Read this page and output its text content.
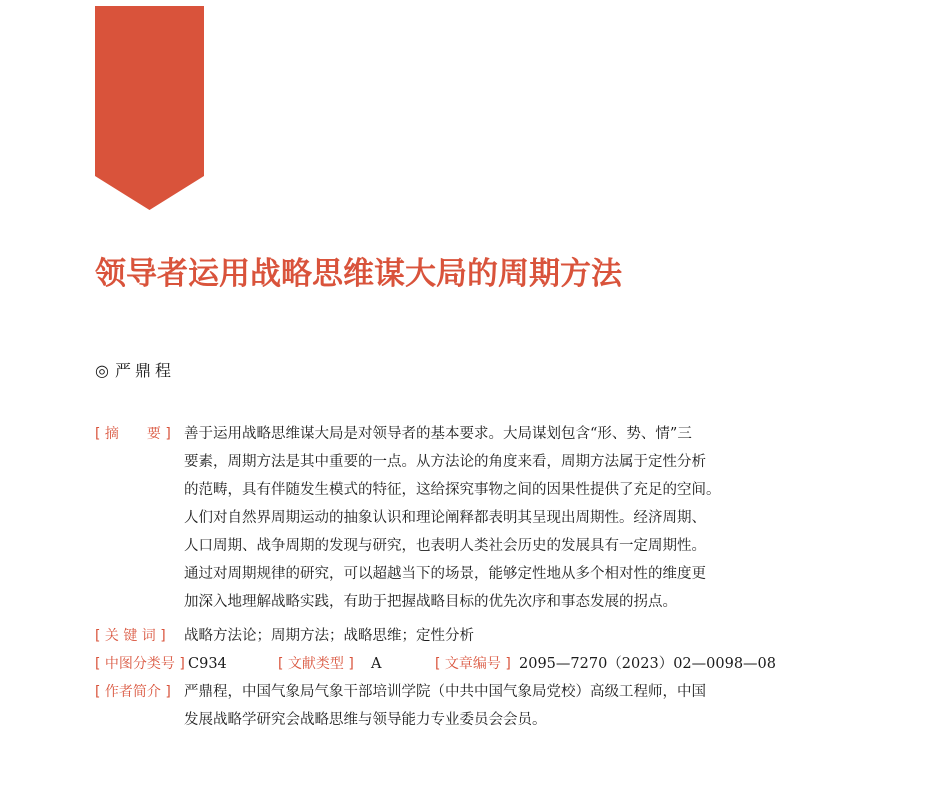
领导者运用战略思维谋大局的周期方法
◎ 严鼎程
[ 摘　　要 ] 善于运用战略思维谋大局是对领导者的基本要求。大局谋划包含“形、势、情”三
要素，周期方法是其中重要的一点。从方法论的角度来看，周期方法属于定性分析
的范畴，具有伴随发生模式的特征，这给探究事物之间的因果性提供了充足的空间。
人们对自然界周期运动的抽象认识和理论阐释都表明其呈现出周期性。经济周期、
人口周期、战争周期的发现与研究，也表明人类社会历史的发展具有一定周期性。
通过对周期规律的研究，可以超越当下的场景，能够定性地从多个相对性的维度更
加深入地理解战略实践，有助于把握战略目标的优先次序和事态发展的拐点。
[ 关 键 词 ] 战略方法论；周期方法；战略思维；定性分析
[ 中图分类号 ] C934	[ 文献类型 ] A	[ 文章编号 ] 2095—7270（2023）02—0098—08
[ 作者简介 ] 严鼎程，中国气象局气象干部培训学院（中共中国气象局党校）高级工程师，中国
发展战略学研究会战略思维与领导能力专业委员会会员。
